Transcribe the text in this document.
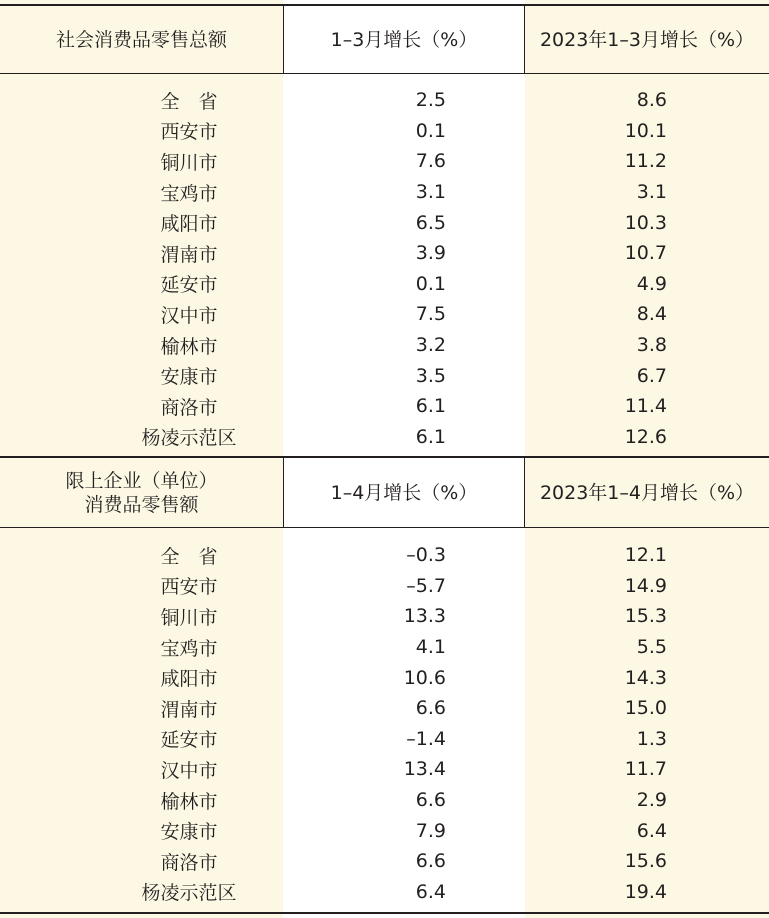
社会消费品零售总额	1–3月增长（%）	2023年1–3月增长（%）
全　省	2.5	8.6
西安市	0.1	10.1
铜川市	7.6	11.2
宝鸡市	3.1	3.1
咸阳市	6.5	10.3
渭南市	3.9	10.7
延安市	0.1	4.9
汉中市	7.5	8.4
榆林市	3.2	3.8
安康市	3.5	6.7
商洛市	6.1	11.4
杨凌示范区	6.1	12.6
限上企业（单位）
消费品零售额
1–4月增长（%）	2023年1–4月增长（%）
全　省	–0.3	12.1
西安市	–5.7	14.9
铜川市	13.3	15.3
宝鸡市	4.1	5.5
咸阳市	10.6	14.3
渭南市	6.6	15.0
延安市	–1.4	1.3
汉中市	13.4	11.7
榆林市	6.6	2.9
安康市	7.9	6.4
商洛市	6.6	15.6
杨凌示范区	6.4	19.4
